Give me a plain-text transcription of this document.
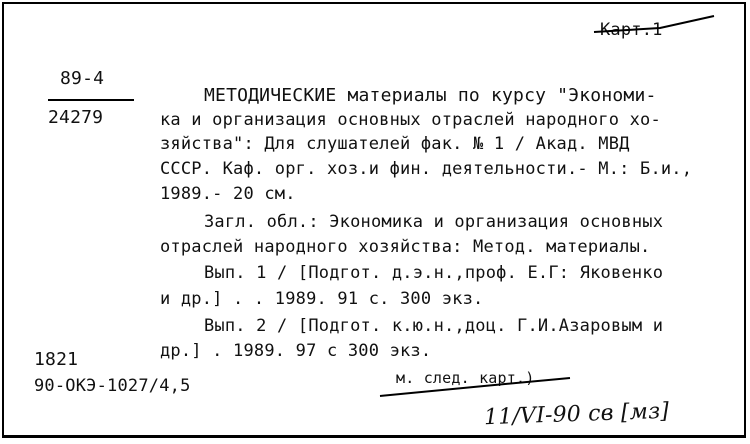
Карт.1
89-4
24279
МЕТОДИЧЕСКИЕ материалы по курсу "Экономи-
ка и организация основных отраслей народного хо-
зяйства": Для слушателей фак. № 1 / Акад. МВД
СССР. Каф. орг. хоз.и фин. деятельности.- М.: Б.и.,
1989.- 20 см.
Загл. обл.: Экономика и организация основных
отраслей народного хозяйства: Метод. материалы.
Вып. 1 / [Подгот. д.э.н.,проф. Е.Г: Яковенко
и др.] . . 1989. 91 с. 300 экз.
Вып. 2 / [Подгот. к.ю.н.,доц. Г.И.Азаровым и
др.] . 1989. 97 с 300 экз.
м. след. карт.)
1821
90-ОКЭ-1027/4,5
11/VI-90 св [мз]
